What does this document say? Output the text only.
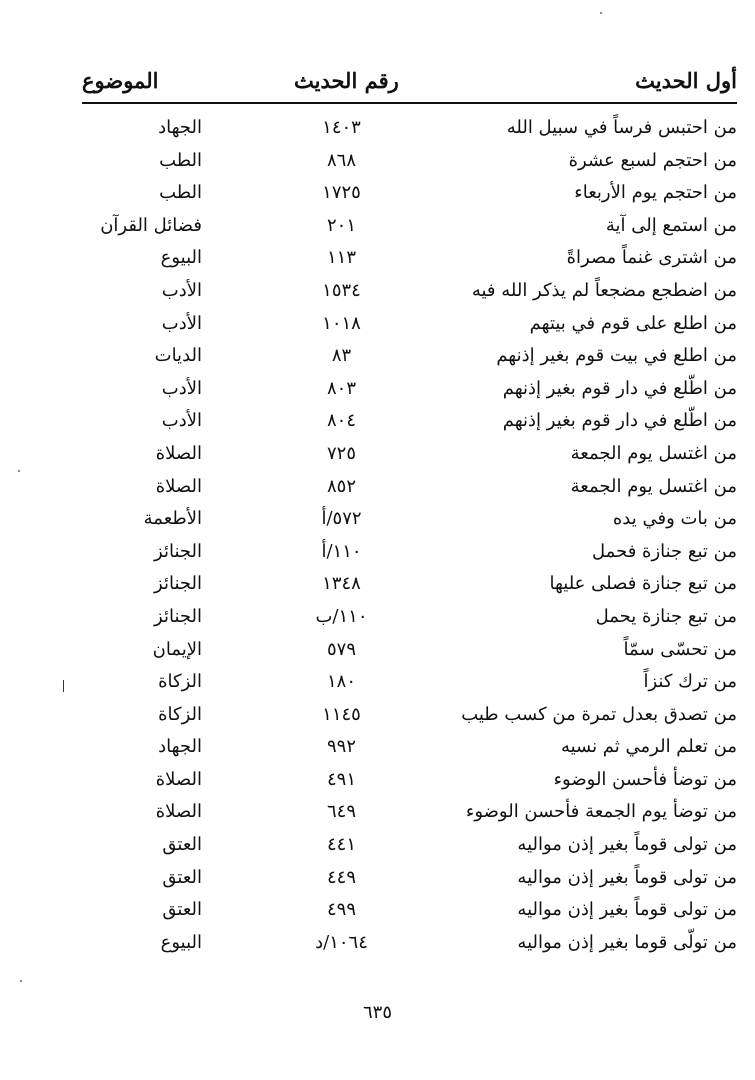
أول الحديث
رقم الحديث
الموضوع
من احتبس فرساً في سبيل الله
١٤٠٣
الجهاد
من احتجم لسبع عشرة
٨٦٨
الطب
من احتجم يوم الأربعاء
١٧٢٥
الطب
من استمع إلى آية
٢٠١
فضائل القرآن
من اشترى غنماً مصراةً
١١٣
البيوع
من اضطجع مضجعاً لم يذكر الله فيه
١٥٣٤
الأدب
من اطلع على قوم في بيتهم
١٠١٨
الأدب
من اطلع في بيت قوم بغير إذنهم
٨٣
الديات
من اطّلع في دار قوم بغير إذنهم
٨٠٣
الأدب
من اطّلع في دار قوم بغير إذنهم
٨٠٤
الأدب
من اغتسل يوم الجمعة
٧٢٥
الصلاة
من اغتسل يوم الجمعة
٨٥٢
الصلاة
من بات وفي يده
٥٧٢/أ
الأطعمة
من تبع جنازة فحمل
١١٠/أ
الجنائز
من تبع جنازة فصلى عليها
١٣٤٨
الجنائز
من تبع جنازة يحمل
١١٠/ب
الجنائز
من تحسّى سمّاً
٥٧٩
الإيمان
من ترك كنزاً
١٨٠
الزكاة
من تصدق بعدل تمرة من كسب طيب
١١٤٥
الزكاة
من تعلم الرمي ثم نسيه
٩٩٢
الجهاد
من توضأ فأحسن الوضوء
٤٩١
الصلاة
من توضأ يوم الجمعة فأحسن الوضوء
٦٤٩
الصلاة
من تولى قوماً بغير إذن مواليه
٤٤١
العتق
من تولى قوماً بغير إذن مواليه
٤٤٩
العتق
من تولى قوماً بغير إذن مواليه
٤٩٩
العتق
من تولّى قوما بغير إذن مواليه
١٠٦٤/د
البيوع
٦٣٥
